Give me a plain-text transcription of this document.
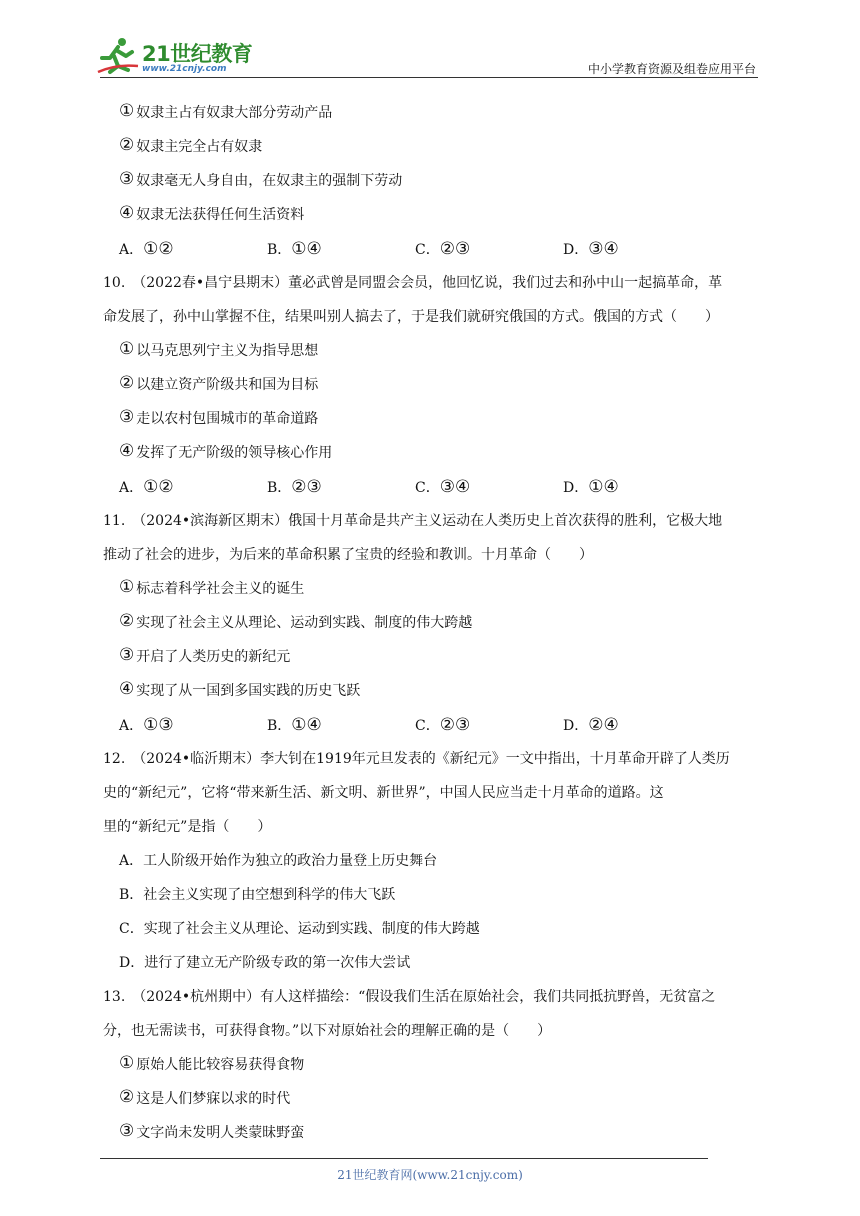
21世纪教育
www.21cnjy.com	中小学教育资源及组卷应用平台
① 奴隶主占有奴隶大部分劳动产品
② 奴隶主完全占有奴隶
③ 奴隶毫无人身自由，在奴隶主的强制下劳动
④ 奴隶无法获得任何生活资料
A．①②	B．①④	C．②③	D．③④
10.　（2022春•昌宁县期末）董必武曾是同盟会会员，他回忆说，我们过去和孙中山一起搞革命，革
命发展了，孙中山掌握不住，结果叫别人搞去了，于是我们就研究俄国的方式。俄国的方式（　　）
① 以马克思列宁主义为指导思想
② 以建立资产阶级共和国为目标
③ 走以农村包围城市的革命道路
④ 发挥了无产阶级的领导核心作用
A．①②	B．②③	C．③④	D．①④
11.　（2024•滨海新区期末）俄国十月革命是共产主义运动在人类历史上首次获得的胜利，它极大地
推动了社会的进步，为后来的革命积累了宝贵的经验和教训。十月革命（　　）
① 标志着科学社会主义的诞生
② 实现了社会主义从理论、运动到实践、制度的伟大跨越
③ 开启了人类历史的新纪元
④ 实现了从一国到多国实践的历史飞跃
A．①③	B．①④	C．②③	D．②④
12.　（2024•临沂期末）李大钊在1919年元旦发表的《新纪元》一文中指出，十月革命开辟了人类历
史的“新纪元”，它将“带来新生活、新文明、新世界”，中国人民应当走十月革命的道路。这
里的“新纪元”是指（　　）
A．工人阶级开始作为独立的政治力量登上历史舞台
B．社会主义实现了由空想到科学的伟大飞跃
C．实现了社会主义从理论、运动到实践、制度的伟大跨越
D．进行了建立无产阶级专政的第一次伟大尝试
13.　（2024•杭州期中）有人这样描绘：“假设我们生活在原始社会，我们共同抵抗野兽，无贫富之
分，也无需读书，可获得食物。”以下对原始社会的理解正确的是（　　）
① 原始人能比较容易获得食物
② 这是人们梦寐以求的时代
③ 文字尚未发明人类蒙昧野蛮
21世纪教育网(www.21cnjy.com)
